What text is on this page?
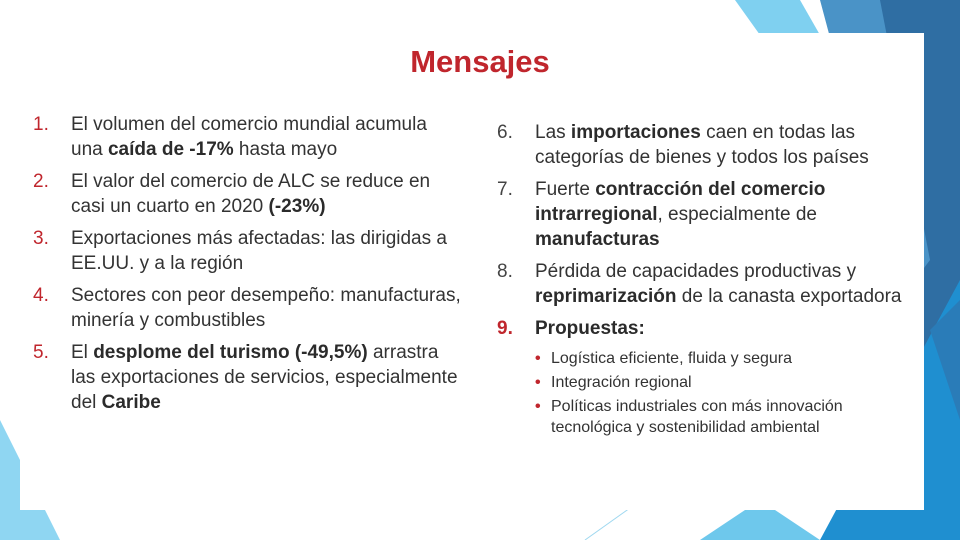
Mensajes
1.	El volumen del comercio mundial acumula una caída de -17% hasta mayo
2.	El valor del comercio de ALC se reduce en casi un cuarto en 2020 (-23%)
3.	Exportaciones más afectadas: las dirigidas a EE.UU. y a la región
4.	Sectores con peor desempeño: manufacturas, minería y combustibles
5.	El desplome del turismo (-49,5%) arrastra las exportaciones de servicios, especialmente del Caribe
6.	Las importaciones caen en todas las categorías de bienes y todos los países
7.	Fuerte contracción del comercio intrarregional, especialmente de manufacturas
8.	Pérdida de capacidades productivas y reprimarización de la canasta exportadora
9.	Propuestas:
• Logística eficiente, fluida y segura
• Integración regional
• Políticas industriales con más innovación tecnológica y sostenibilidad ambiental
